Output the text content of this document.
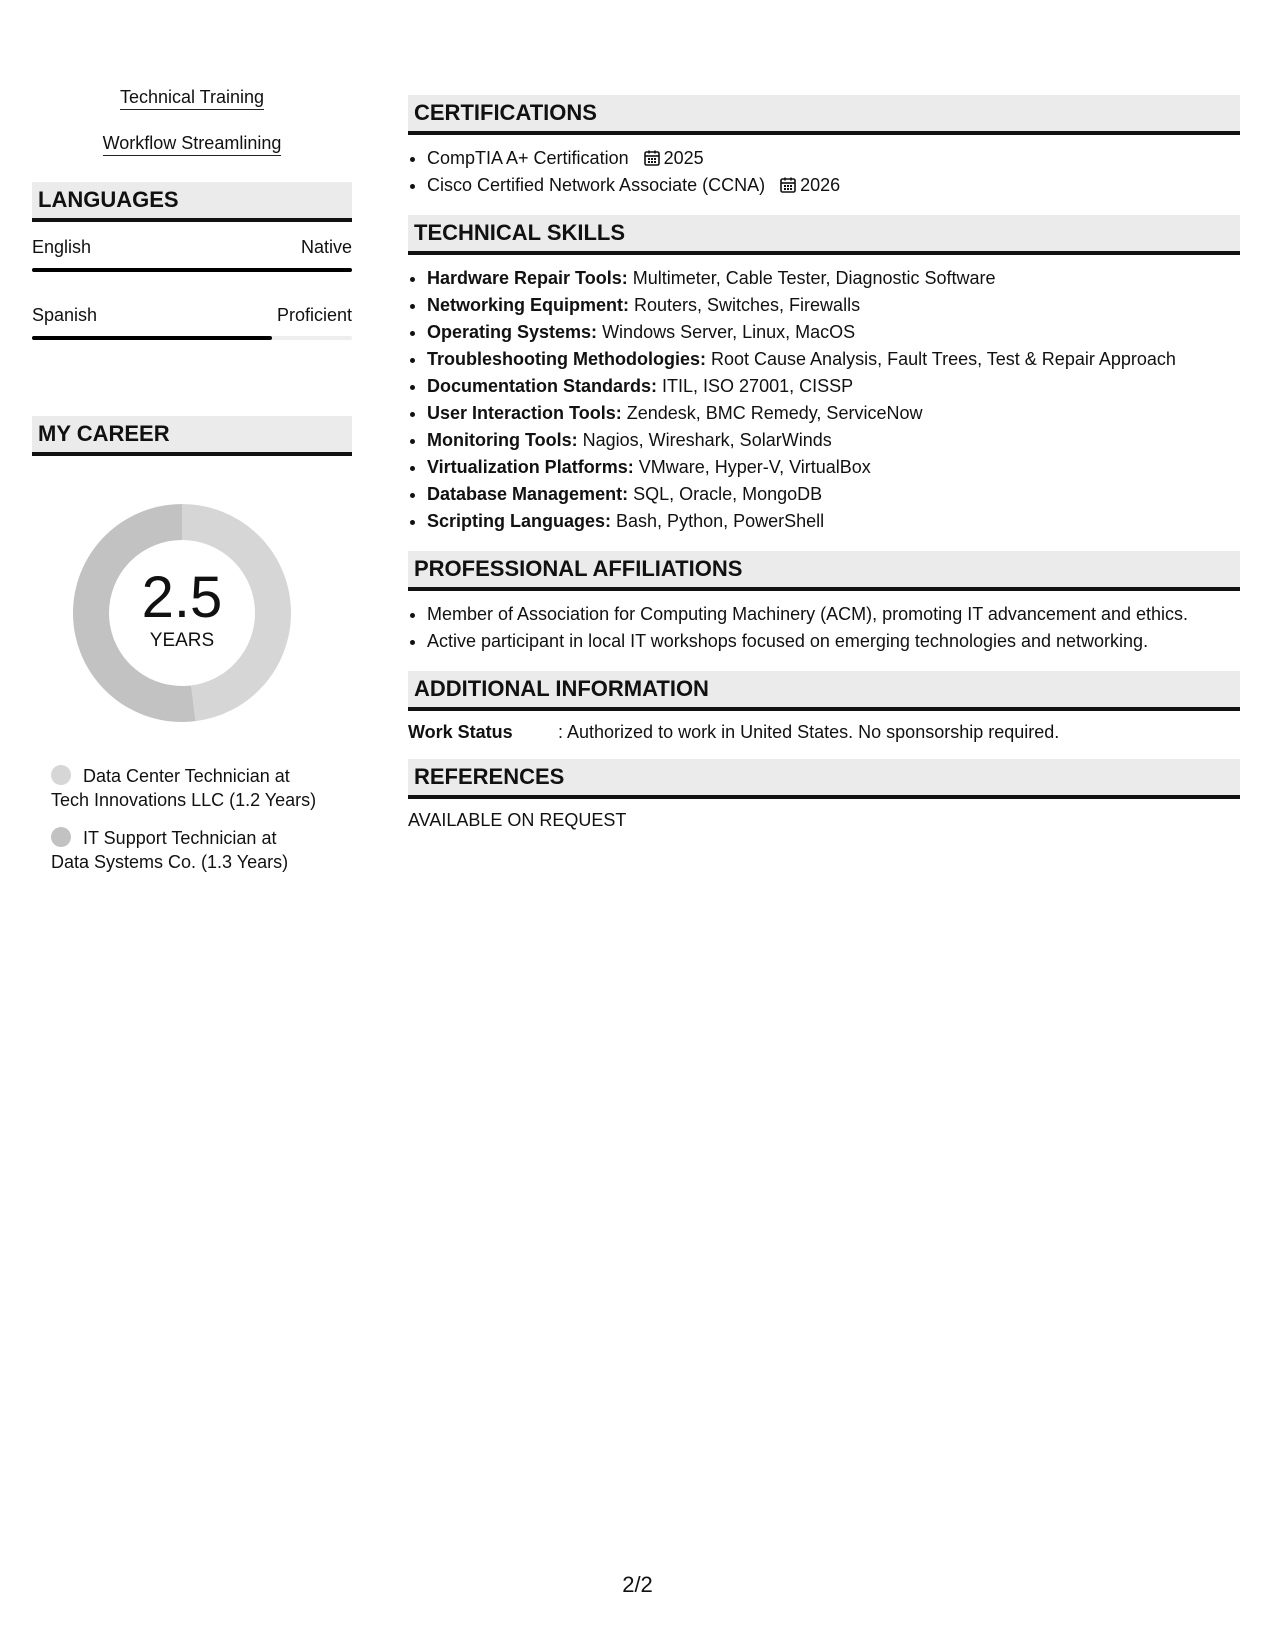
Technical Training
Workflow Streamlining
LANGUAGES
English	Native
Spanish	Proficient
MY CAREER
2.5
YEARS
Data Center Technician at
Tech Innovations LLC (1.2 Years)
IT Support Technician at
Data Systems Co. (1.3 Years)
CERTIFICATIONS
• CompTIA A+ Certification 2025
• Cisco Certified Network Associate (CCNA) 2026
TECHNICAL SKILLS
• Hardware Repair Tools: Multimeter, Cable Tester, Diagnostic Software
• Networking Equipment: Routers, Switches, Firewalls
• Operating Systems: Windows Server, Linux, MacOS
• Troubleshooting Methodologies: Root Cause Analysis, Fault Trees, Test & Repair Approach
• Documentation Standards: ITIL, ISO 27001, CISSP
• User Interaction Tools: Zendesk, BMC Remedy, ServiceNow
• Monitoring Tools: Nagios, Wireshark, SolarWinds
• Virtualization Platforms: VMware, Hyper-V, VirtualBox
• Database Management: SQL, Oracle, MongoDB
• Scripting Languages: Bash, Python, PowerShell
PROFESSIONAL AFFILIATIONS
• Member of Association for Computing Machinery (ACM), promoting IT advancement and ethics.
• Active participant in local IT workshops focused on emerging technologies and networking.
ADDITIONAL INFORMATION
Work Status	: Authorized to work in United States. No sponsorship required.
REFERENCES
AVAILABLE ON REQUEST
2/2
